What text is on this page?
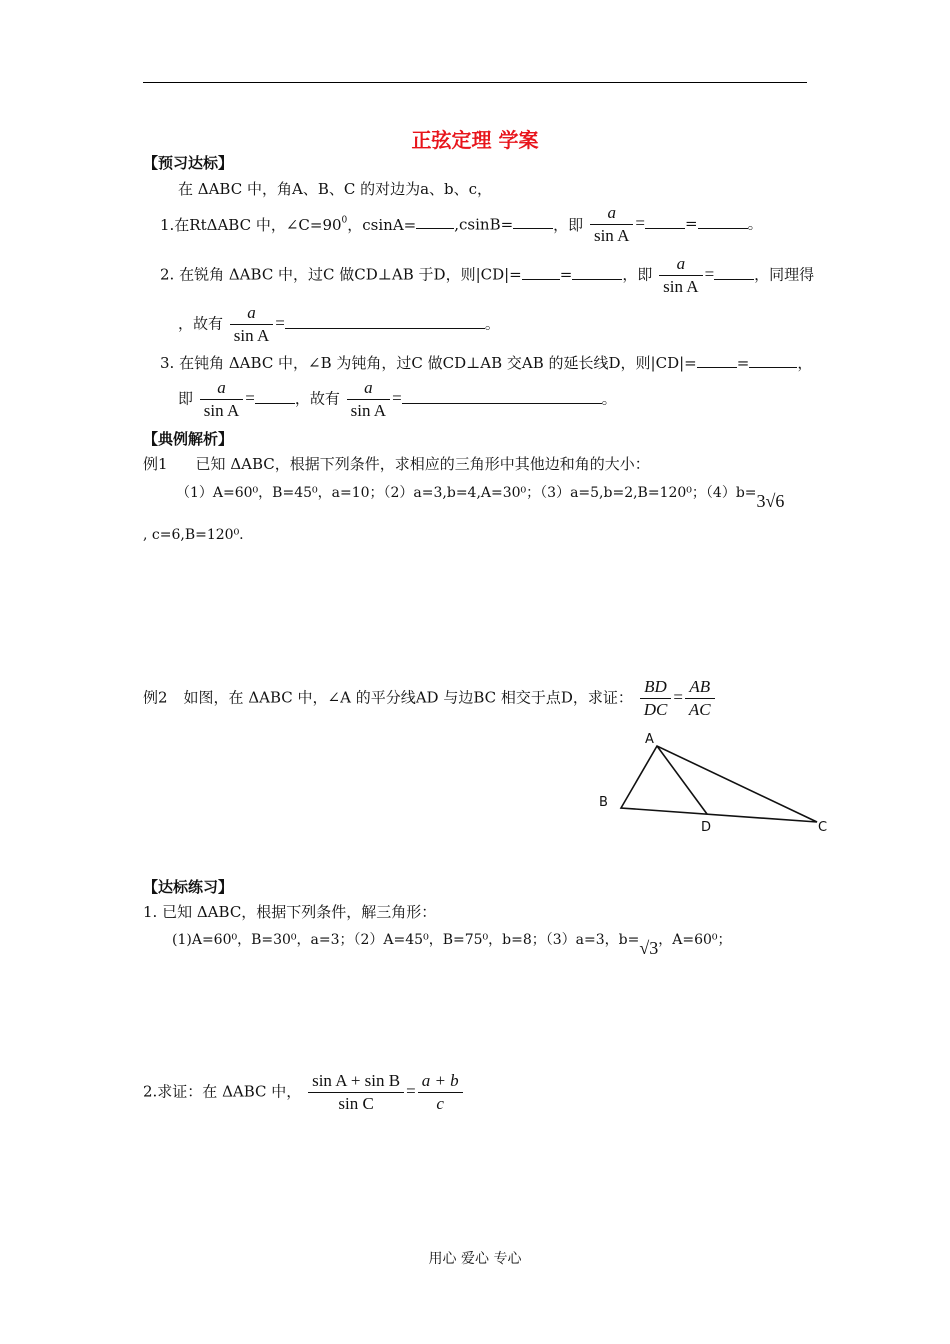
正弦定理 学案
【预习达标】
在 ΔABC 中，角A、B、C 的对边为a、b、c，
1.在RtΔABC 中，$\angle C=90^0$，csinA=	,csinB=	，即 $\frac{a}{\text{sin A}}$ =	=	。
2. 在锐角 ΔABC 中，过C 做CD⊥AB 于D，则|CD|=	=	，即 $\frac{a}{\text{sin A}}$ =	，同理得
，故有 $\frac{a}{\text{sin A}}$ =	。
3. 在钝角 ΔABC 中，∠B 为钝角，过C 做CD⊥AB 交AB 的延长线D，则|CD|=	=	，
即 $\frac{a}{\text{sin A}}$ =	，故有 $\frac{a}{\text{sin A}}$ =	。
【典例解析】
例1 已知 ΔABC，根据下列条件，求相应的三角形中其他边和角的大小：
（1）A=60⁰，B=45⁰，a=10；（2）a=3,b=4,A=30⁰；（3）a=5,b=2,B=120⁰；（4）b=3√6
, c=6,B=120⁰.
例2 如图，在 ΔABC 中，∠A 的平分线AD 与边BC 相交于点D，求证： $\frac{BD}{DC} = \frac{AB}{AC}$
A
B
D	C
【达标练习】
1. 已知 ΔABC，根据下列条件，解三角形：
(1)A=60⁰，B=30⁰，a=3；（2）A=45⁰，B=75⁰，b=8；（3）a=3，b=√3，A=60⁰；
2.求证：在 ΔABC 中， $\frac{\text{sin A + sin B}}{\text{sin C}} = \frac{a + b}{c}$
用心 爱心 专心
